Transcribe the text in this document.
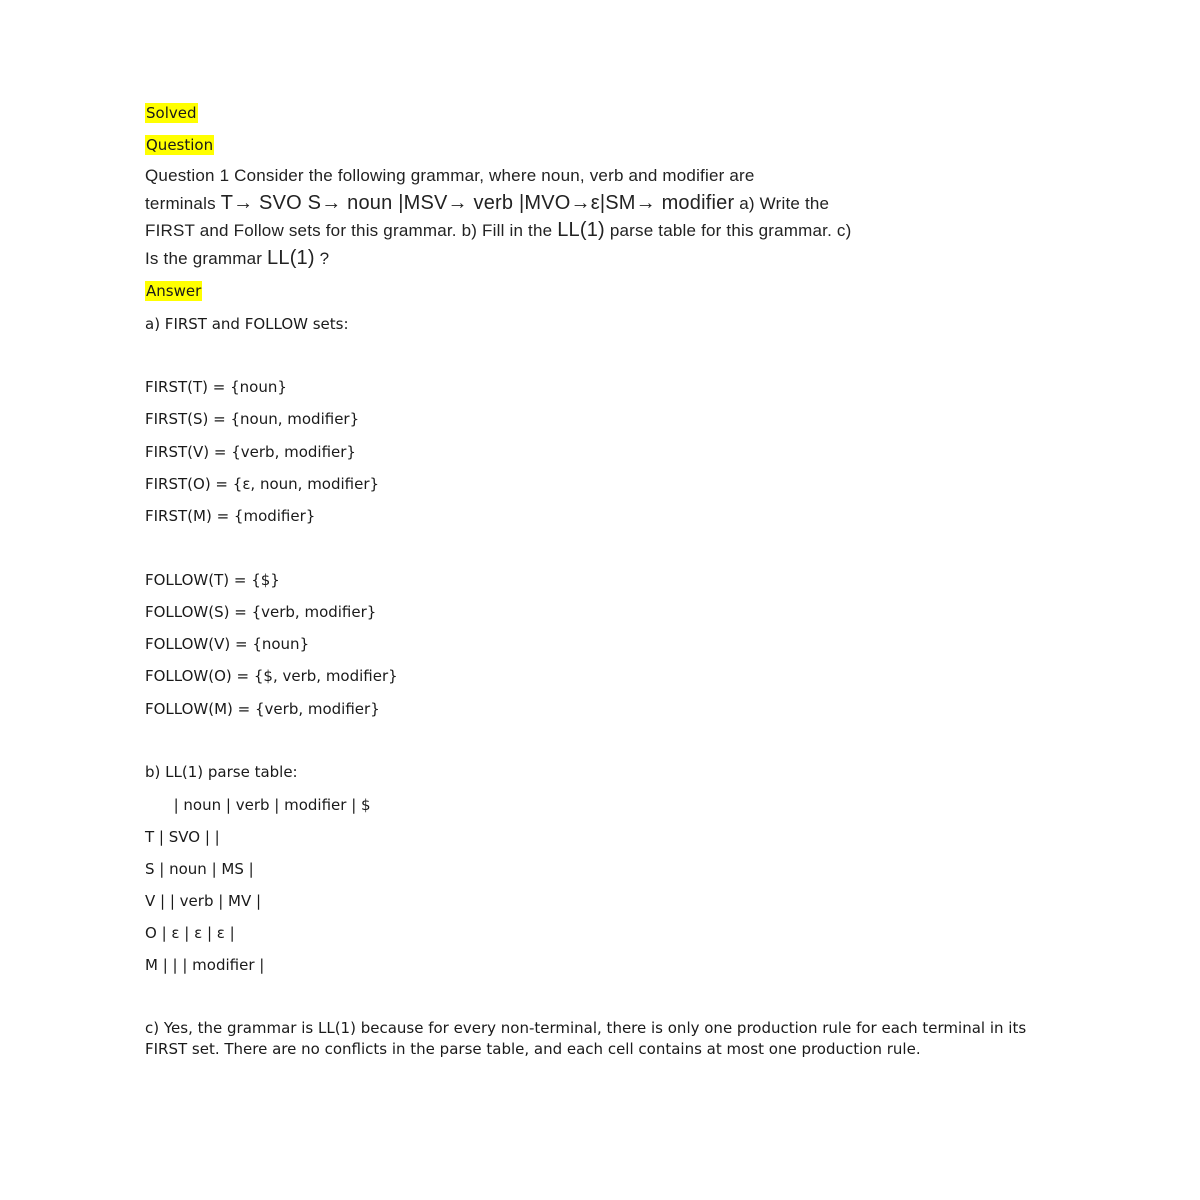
Solved
Question
Question 1 Consider the following grammar, where noun, verb and modifier are
terminals T→ SVO S→ noun |MSV→ verb |MVO→ε|SM→ modifier a) Write the
FIRST and Follow sets for this grammar. b) Fill in the LL(1) parse table for this grammar. c)
Is the grammar LL(1) ?
Answer
a) FIRST and FOLLOW sets:
FIRST(T) = {noun}
FIRST(S) = {noun, modifier}
FIRST(V) = {verb, modifier}
FIRST(O) = {ε, noun, modifier}
FIRST(M) = {modifier}
FOLLOW(T) = {$}
FOLLOW(S) = {verb, modifier}
FOLLOW(V) = {noun}
FOLLOW(O) = {$, verb, modifier}
FOLLOW(M) = {verb, modifier}
b) LL(1) parse table:
| noun | verb | modifier | $
T | SVO | |
S | noun | MS |
V | | verb | MV |
O | ε | ε | ε |
M | | | modifier |
c) Yes, the grammar is LL(1) because for every non-terminal, there is only one production rule for each terminal in its FIRST set. There are no conflicts in the parse table, and each cell contains at most one production rule.
